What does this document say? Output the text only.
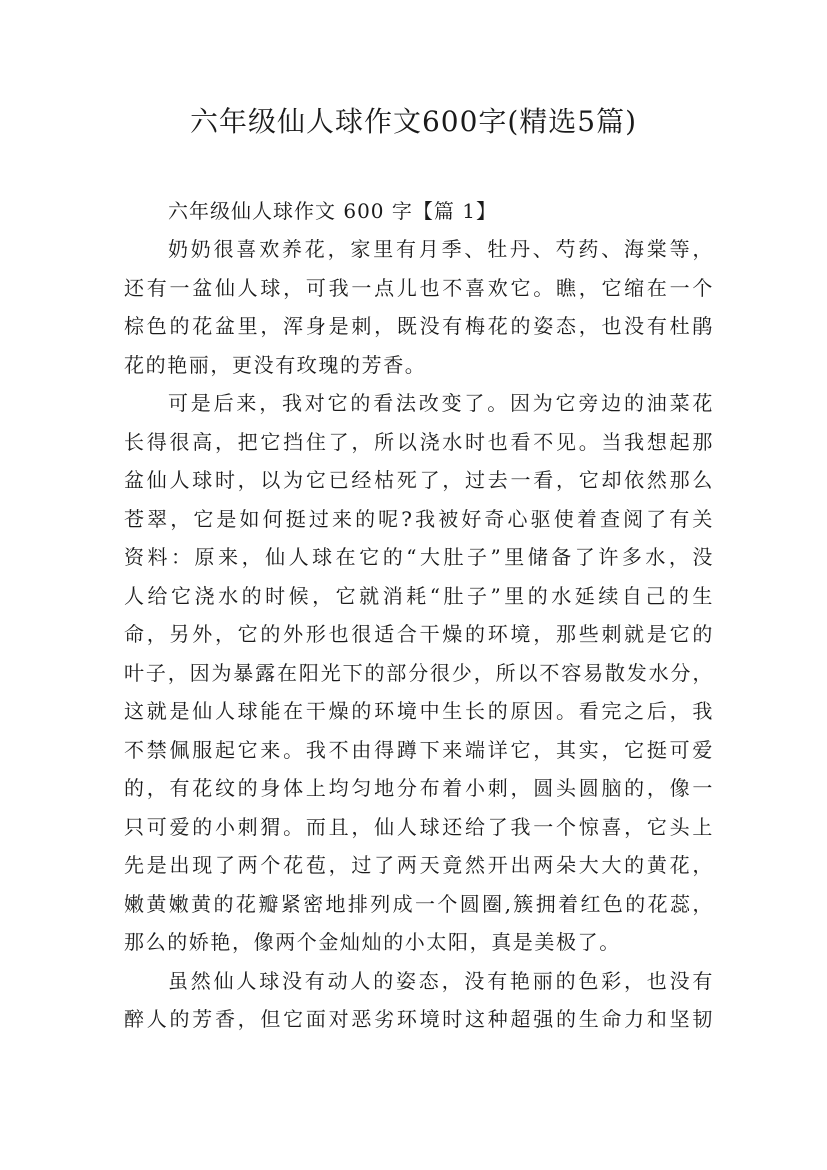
六年级仙人球作文600字(精选5篇)
六年级仙人球作文 600 字【篇 1】
奶奶很喜欢养花，家里有月季、牡丹、芍药、海棠等，
还有一盆仙人球，可我一点儿也不喜欢它。瞧，它缩在一个
棕色的花盆里，浑身是刺，既没有梅花的姿态，也没有杜鹃
花的艳丽，更没有玫瑰的芳香。
可是后来，我对它的看法改变了。因为它旁边的油菜花
长得很高，把它挡住了，所以浇水时也看不见。当我想起那
盆仙人球时，以为它已经枯死了，过去一看，它却依然那么
苍翠，它是如何挺过来的呢?我被好奇心驱使着查阅了有关
资料：原来，仙人球在它的“大肚子”里储备了许多水，没
人给它浇水的时候，它就消耗“肚子”里的水延续自己的生
命，另外，它的外形也很适合干燥的环境，那些刺就是它的
叶子，因为暴露在阳光下的部分很少，所以不容易散发水分，
这就是仙人球能在干燥的环境中生长的原因。看完之后，我
不禁佩服起它来。我不由得蹲下来端详它，其实，它挺可爱
的，有花纹的身体上均匀地分布着小刺，圆头圆脑的，像一
只可爱的小刺猬。而且，仙人球还给了我一个惊喜，它头上
先是出现了两个花苞，过了两天竟然开出两朵大大的黄花，
嫩黄嫩黄的花瓣紧密地排列成一个圆圈,簇拥着红色的花蕊，
那么的娇艳，像两个金灿灿的小太阳，真是美极了。
虽然仙人球没有动人的姿态，没有艳丽的色彩，也没有
醉人的芳香，但它面对恶劣环境时这种超强的生命力和坚韧
